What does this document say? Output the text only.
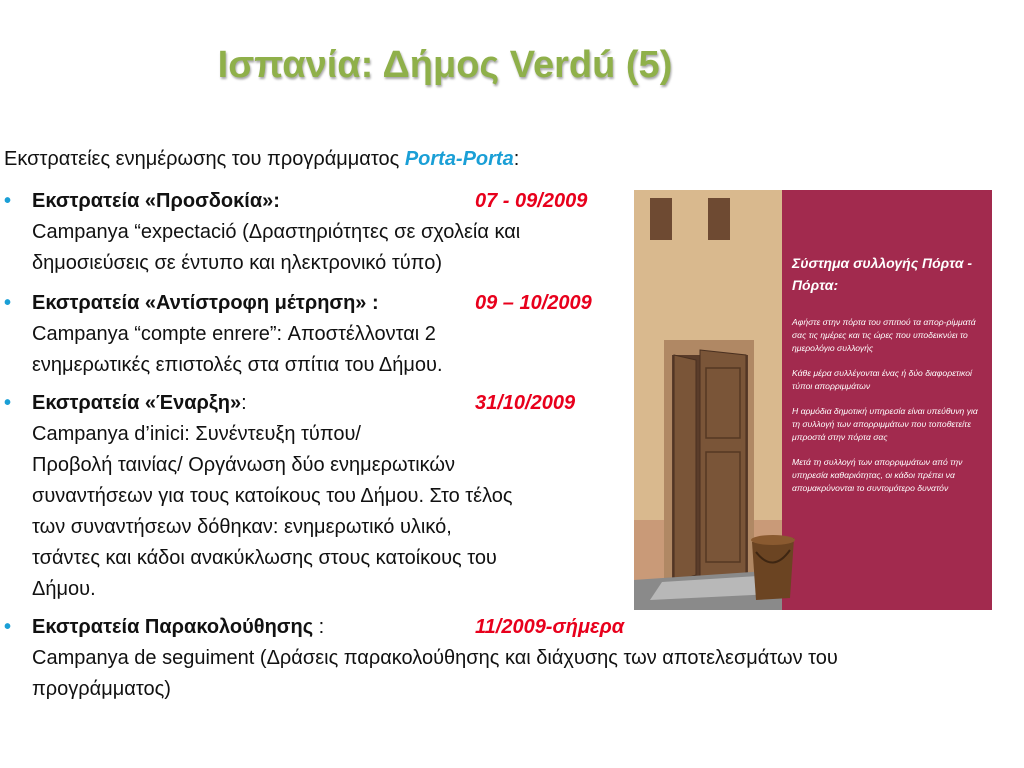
Ισπανία: Δήμος Verdú (5)
Εκστρατείες ενημέρωσης του προγράμματος Porta-Porta:
•	Εκστρατεία «Προσδοκία»:	07 - 09/2009
Campanya “expectació (Δραστηριότητες σε σχολεία και
δημοσιεύσεις σε έντυπο και ηλεκτρονικό τύπο)
•	Εκστρατεία «Αντίστροφη μέτρηση» :	09 – 10/2009
Campanya “compte enrere”: Αποστέλλονται 2
ενημερωτικές επιστολές στα σπίτια του Δήμου.
•	Εκστρατεία «Έναρξη»:	31/10/2009
Campanya d’inici: Συνέντευξη τύπου/
Προβολή ταινίας/ Οργάνωση δύο ενημερωτικών
συναντήσεων για τους κατοίκους του Δήμου. Στο τέλος
των συναντήσεων δόθηκαν: ενημερωτικό υλικό,
τσάντες και κάδοι ανακύκλωσης στους κατοίκους του
Δήμου.
•	Εκστρατεία Παρακολούθησης :	11/2009-σήμερα
Campanya de seguiment (Δράσεις παρακολούθησης και διάχυσης των αποτελεσμάτων του
προγράμματος)
Σύστημα συλλογής Πόρτα - Πόρτα:
Αφήστε στην πόρτα του σπιτιού τα απορ-ρίμματά σας τις ημέρες και τις ώρες που υποδεικνύει το ημερολόγιο συλλογής
Κάθε μέρα συλλέγονται ένας ή δύο διαφορετικοί τύποι απορριμμάτων
Η αρμόδια δημοτική υπηρεσία είναι υπεύθυνη για τη συλλογή των απορριμμάτων που τοποθετείτε μπροστά στην πόρτα σας
Μετά τη συλλογή των απορριμμάτων από την υπηρεσία καθαριότητας, οι κάδοι πρέπει να απομακρύνονται το συντομότερο δυνατόν
